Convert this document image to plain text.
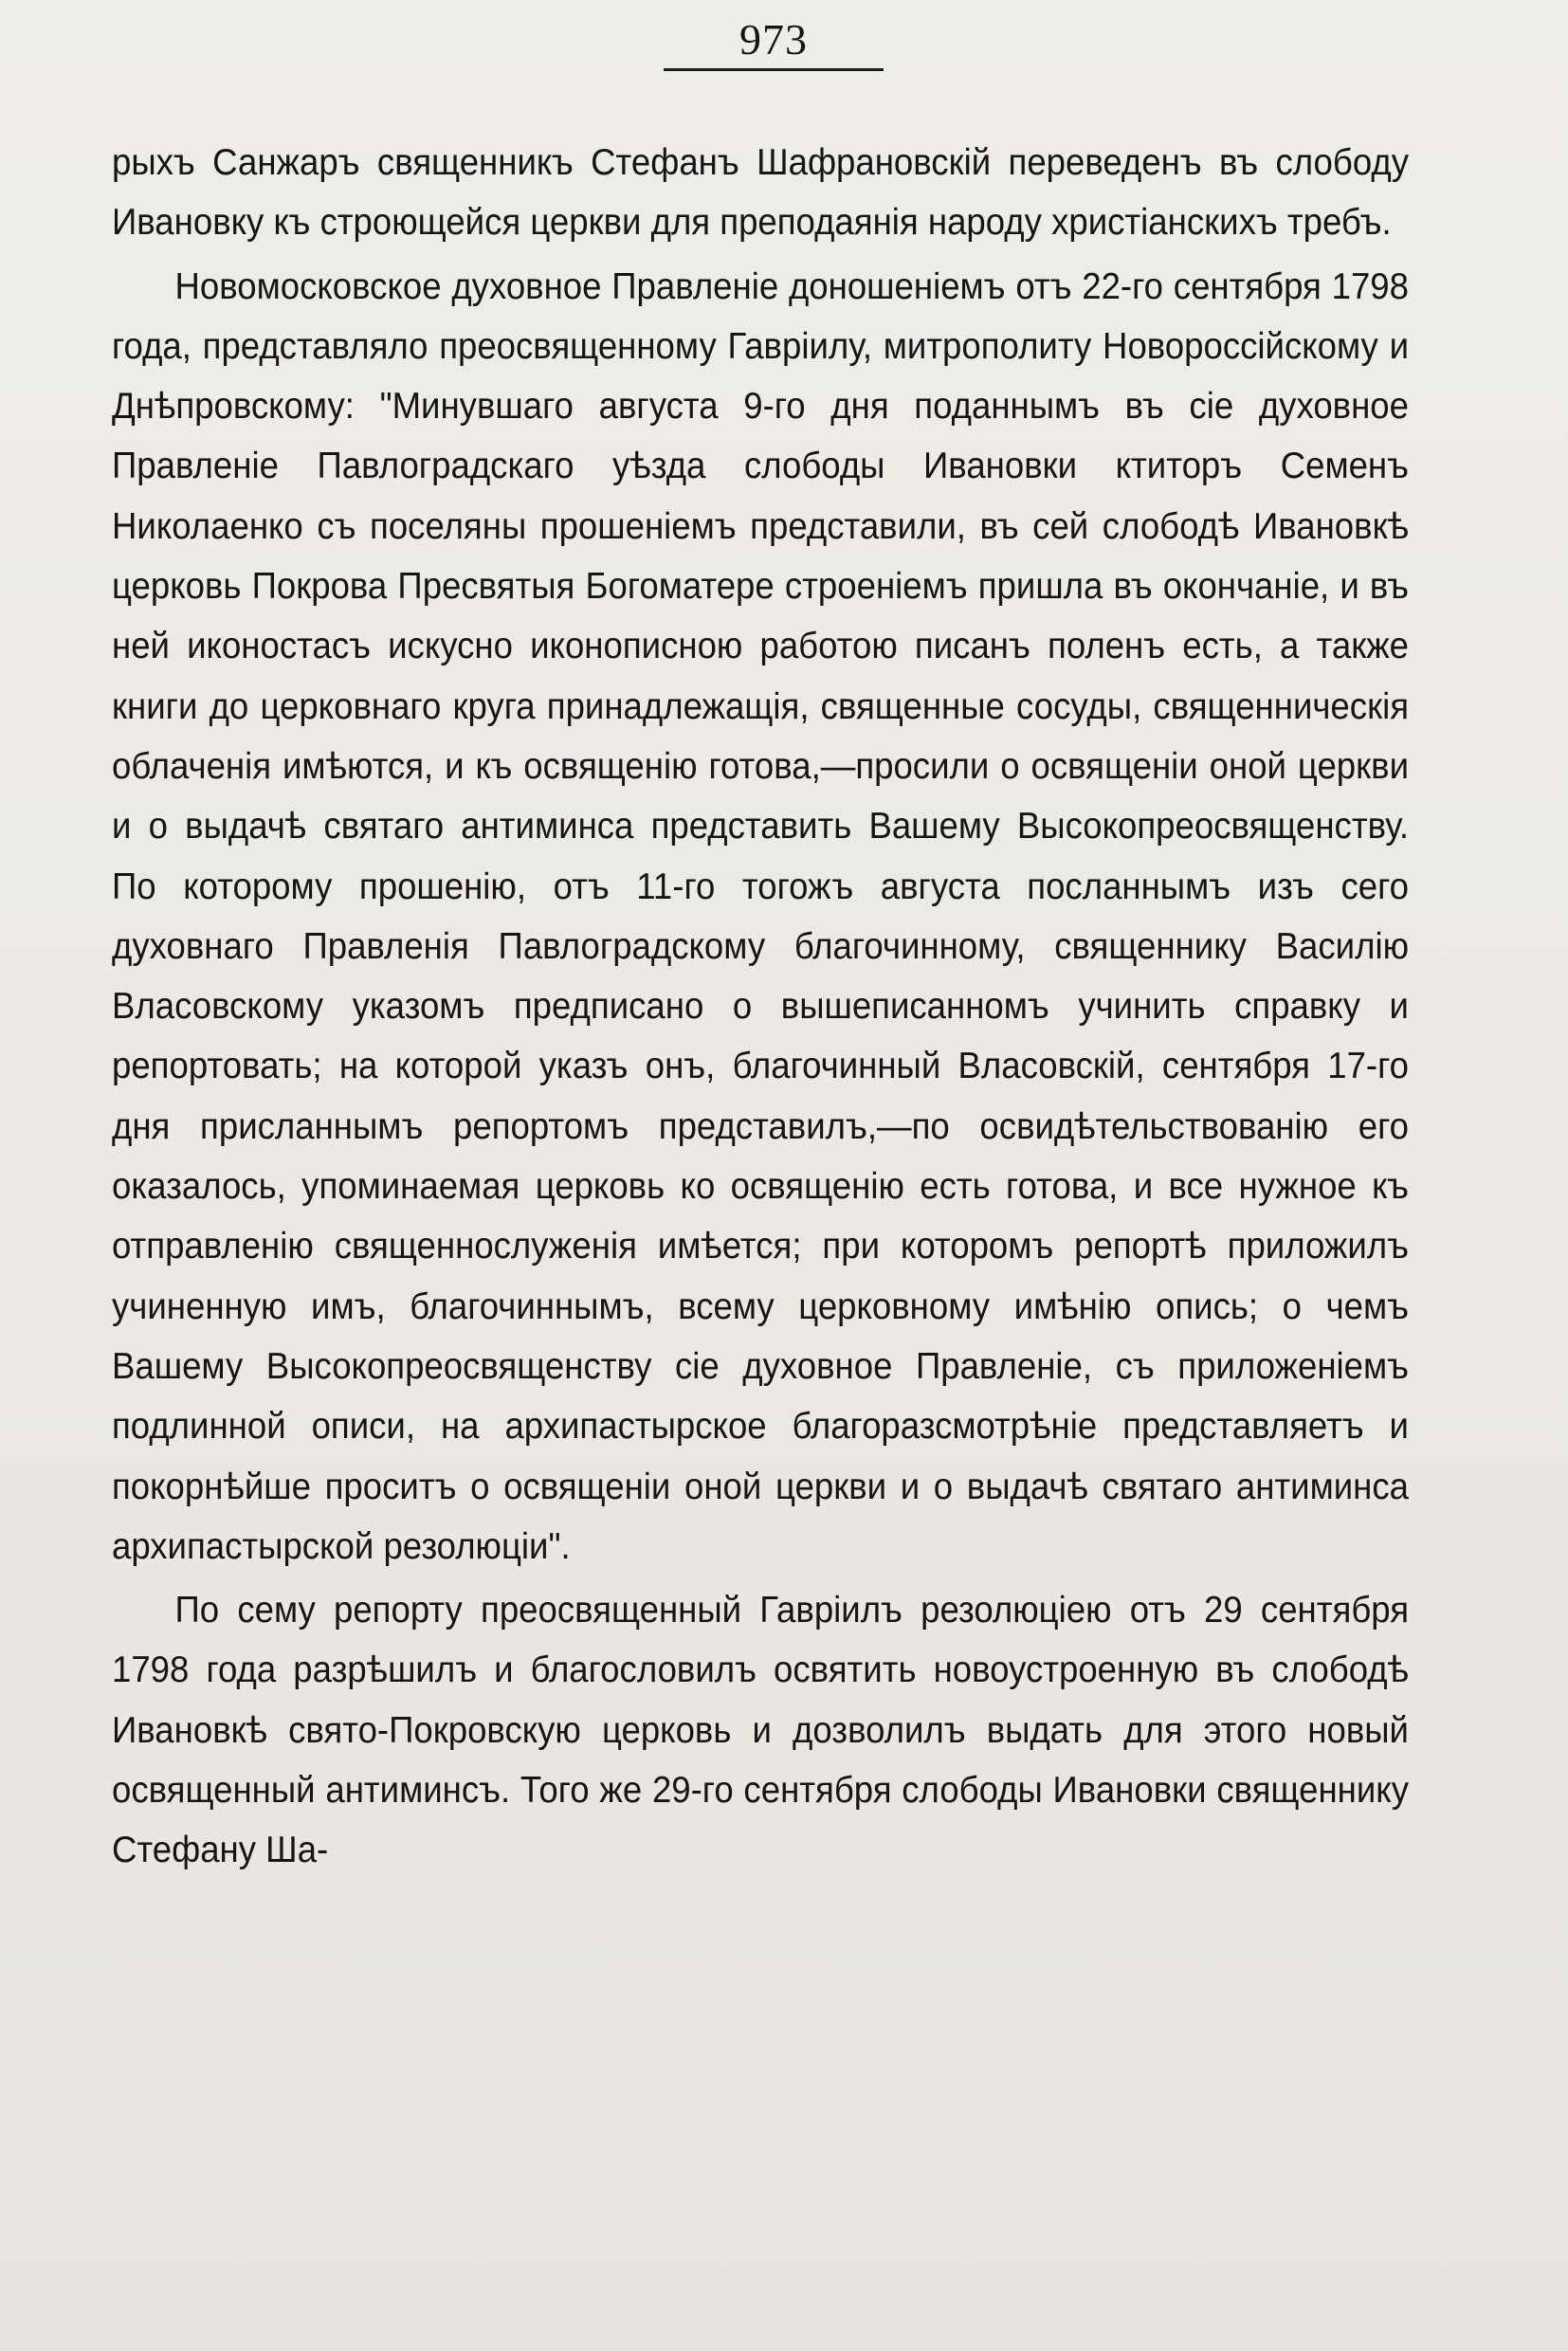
973

рыхъ Санжаръ священникъ Стефанъ Шафрановскій переведенъ въ слободу Ивановку къ строющейся церкви для преподаянія народу христіанскихъ требъ.

Новомосковское духовное Правленіе доношеніемъ отъ 22-го сентября 1798 года, представляло преосвященному Гавріилу, митрополиту Новороссійскому и Днѣпровскому: "Минувшаго августа 9-го дня поданнымъ въ сіе духовное Правленіе Павлоградскаго уѣзда слободы Ивановки ктиторъ Семенъ Николаенко съ поселяны прошеніемъ представили, въ сей слободѣ Ивановкѣ церковь Покрова Пресвятыя Богоматере строеніемъ пришла въ окончаніе, и въ ней иконостасъ искусно иконописною работою писанъ поленъ есть, а также книги до церковнаго круга принадлежащія, священные сосуды, священническія облаченія имѣются, и къ освященію готова,—просили о освященіи оной церкви и о выдачѣ святаго антиминса представить Вашему Высокопреосвященству. По которому прошенію, отъ 11-го тогожъ августа посланнымъ изъ сего духовнаго Правленія Павлоградскому благочинному, священнику Василію Власовскому указомъ предписано о вышеписанномъ учинить справку и репортовать; на которой указъ онъ, благочинный Власовскій, сентября 17-го дня присланнымъ репортомъ представилъ,—по освидѣтельствованію его оказалось, упоминаемая церковь ко освященію есть готова, и все нужное къ отправленію священнослуженія имѣется; при которомъ репортѣ приложилъ учиненную имъ, благочиннымъ, всему церковному имѣнію опись; о чемъ Вашему Высокопреосвященству сіе духовное Правленіе, съ приложеніемъ подлинной описи, на архипастырское благоразсмотрѣніе представляетъ и покорнѣйше проситъ о освященіи оной церкви и о выдачѣ святаго антиминса архипастырской резолюціи".

По сему репорту преосвященный Гавріилъ резолюціею отъ 29 сентября 1798 года разрѣшилъ и благословилъ освятить новоустроенную въ слободѣ Ивановкѣ свято-Покровскую церковь и дозволилъ выдать для этого новый освященный антиминсъ. Того же 29-го сентября слободы Ивановки священнику Стефану Ша-
